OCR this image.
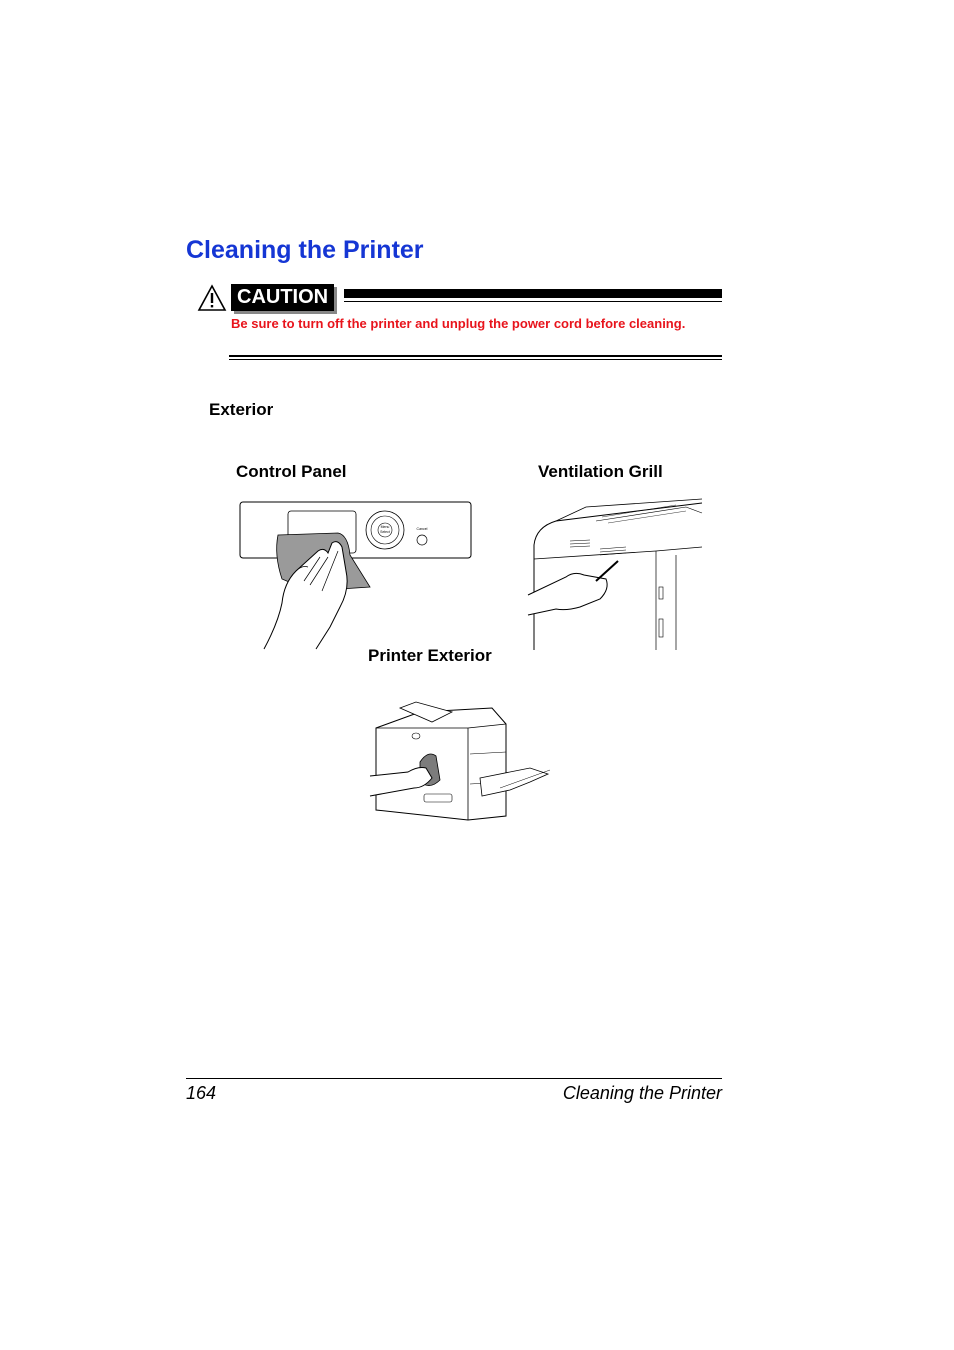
Cleaning the Printer
CAUTION
Be sure to turn off the printer and unplug the power cord before cleaning.
Exterior
Control Panel	Ventilation Grill
Menu
Select
Cancel
Printer Exterior
164	Cleaning the Printer
